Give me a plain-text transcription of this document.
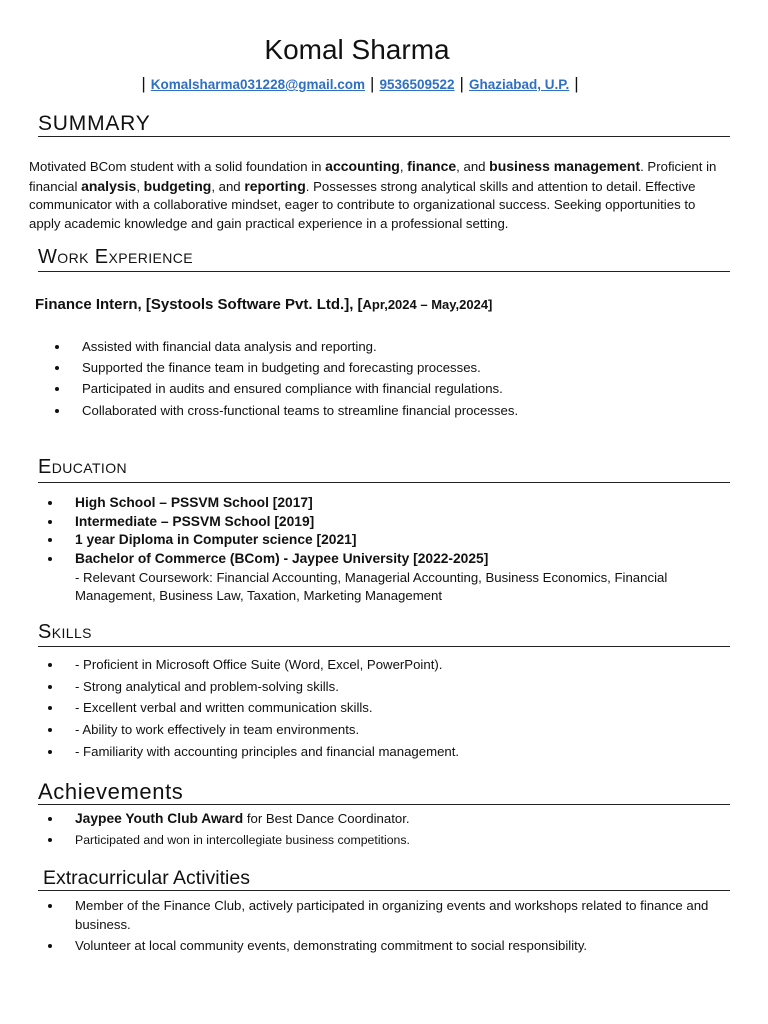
Komal Sharma
| Komalsharma031228@gmail.com | 9536509522 | Ghaziabad, U.P. |
SUMMARY
Motivated BCom student with a solid foundation in accounting, finance, and business management. Proficient in financial analysis, budgeting, and reporting. Possesses strong analytical skills and attention to detail. Effective communicator with a collaborative mindset, eager to contribute to organizational success. Seeking opportunities to apply academic knowledge and gain practical experience in a professional setting.
Work Experience
Finance Intern, [Systools Software Pvt. Ltd.], [Apr,2024 – May,2024]
Assisted with financial data analysis and reporting.
Supported the finance team in budgeting and forecasting processes.
Participated in audits and ensured compliance with financial regulations.
Collaborated with cross-functional teams to streamline financial processes.
Education
High School – PSSVM School [2017]
Intermediate – PSSVM School [2019]
1 year Diploma in Computer science [2021]
Bachelor of Commerce (BCom) - Jaypee University [2022-2025]
- Relevant Coursework: Financial Accounting, Managerial Accounting, Business Economics, Financial Management, Business Law, Taxation, Marketing Management
Skills
- Proficient in Microsoft Office Suite (Word, Excel, PowerPoint).
- Strong analytical and problem-solving skills.
- Excellent verbal and written communication skills.
- Ability to work effectively in team environments.
- Familiarity with accounting principles and financial management.
Achievements
Jaypee Youth Club Award for Best Dance Coordinator.
Participated and won in intercollegiate business competitions.
Extracurricular Activities
Member of the Finance Club, actively participated in organizing events and workshops related to finance and business.
Volunteer at local community events, demonstrating commitment to social responsibility.
